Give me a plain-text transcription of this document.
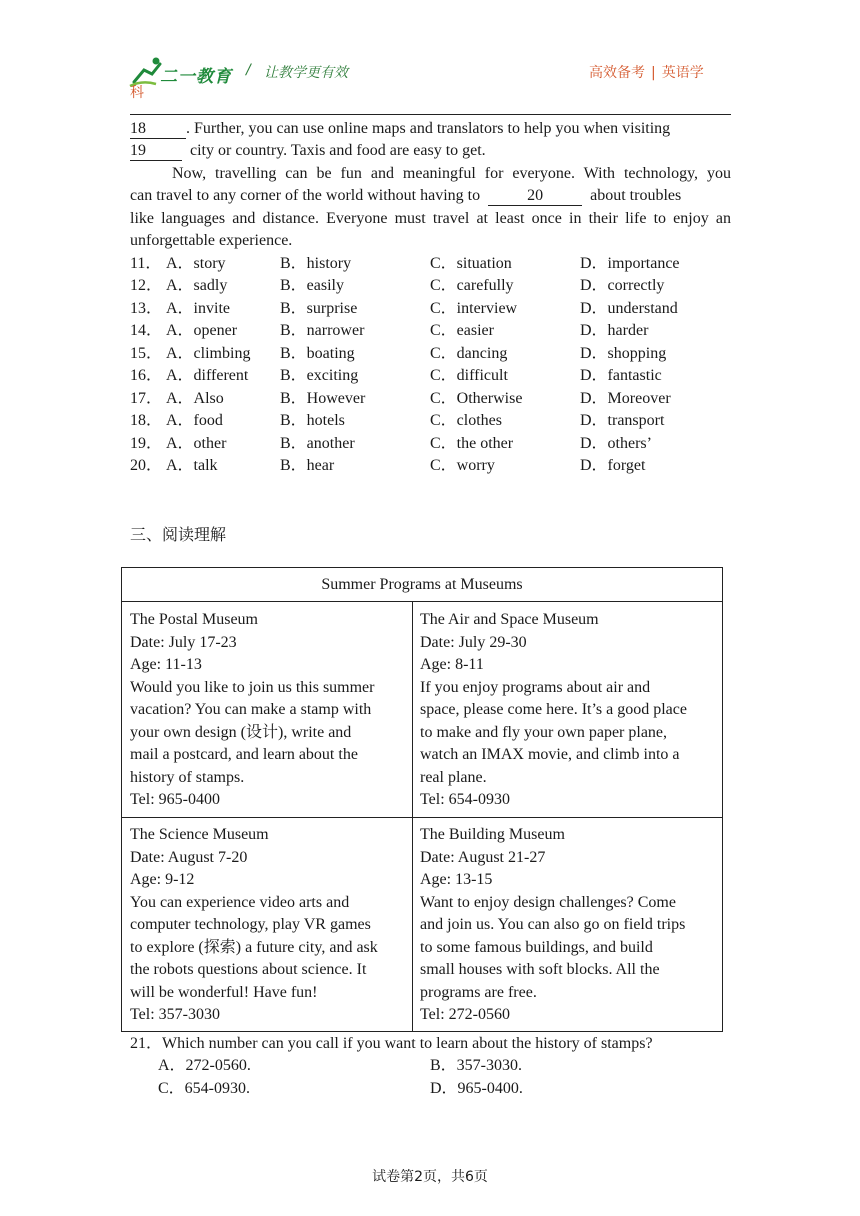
二一教育 / 让教学更有效	高效备考 | 英语学
科
18	. Further, you can use online maps and translators to help you when visiting
19	city or country. Taxis and food are easy to get.
Now, travelling can be fun and meaningful for everyone. With technology, you
can travel to any corner of the world without having to	20	about troubles
like languages and distance. Everyone must travel at least once in their life to enjoy an
unforgettable experience.
11． A．story	B．history	C．situation	D．importance
12． A．sadly	B．easily	C．carefully	D．correctly
13． A．invite	B．surprise	C．interview	D．understand
14． A．opener	B．narrower	C．easier	D．harder
15． A．climbing B．boating	C．dancing	D．shopping
16． A．different B．exciting	C．difficult	D．fantastic
17． A．Also	B．However	C．Otherwise	D．Moreover
18． A．food	B．hotels	C．clothes	D．transport
19． A．other	B．another	C．the other	D．others’
20． A．talk	B．hear	C．worry	D．forget
三、阅读理解
Summer Programs at Museums
The Postal Museum
Date: July 17-23
Age: 11-13
Would you like to join us this summer
vacation? You can make a stamp with
your own design (设计), write and
mail a postcard, and learn about the
history of stamps.
Tel: 965-0400
The Air and Space Museum
Date: July 29-30
Age: 8-11
If you enjoy programs about air and
space, please come here. It’s a good place
to make and fly your own paper plane,
watch an IMAX movie, and climb into a
real plane.
Tel: 654-0930
The Science Museum
Date: August 7-20
Age: 9-12
You can experience video arts and
computer technology, play VR games
to explore (探索) a future city, and ask
the robots questions about science. It
will be wonderful! Have fun!
Tel: 357-3030
The Building Museum
Date: August 21-27
Age: 13-15
Want to enjoy design challenges? Come
and join us. You can also go on field trips
to some famous buildings, and build
small houses with soft blocks. All the
programs are free.
Tel: 272-0560
21．Which number can you call if you want to learn about the history of stamps?
A．272-0560.	B．357-3030.
C．654-0930.	D．965-0400.
试卷第2页，共6页
